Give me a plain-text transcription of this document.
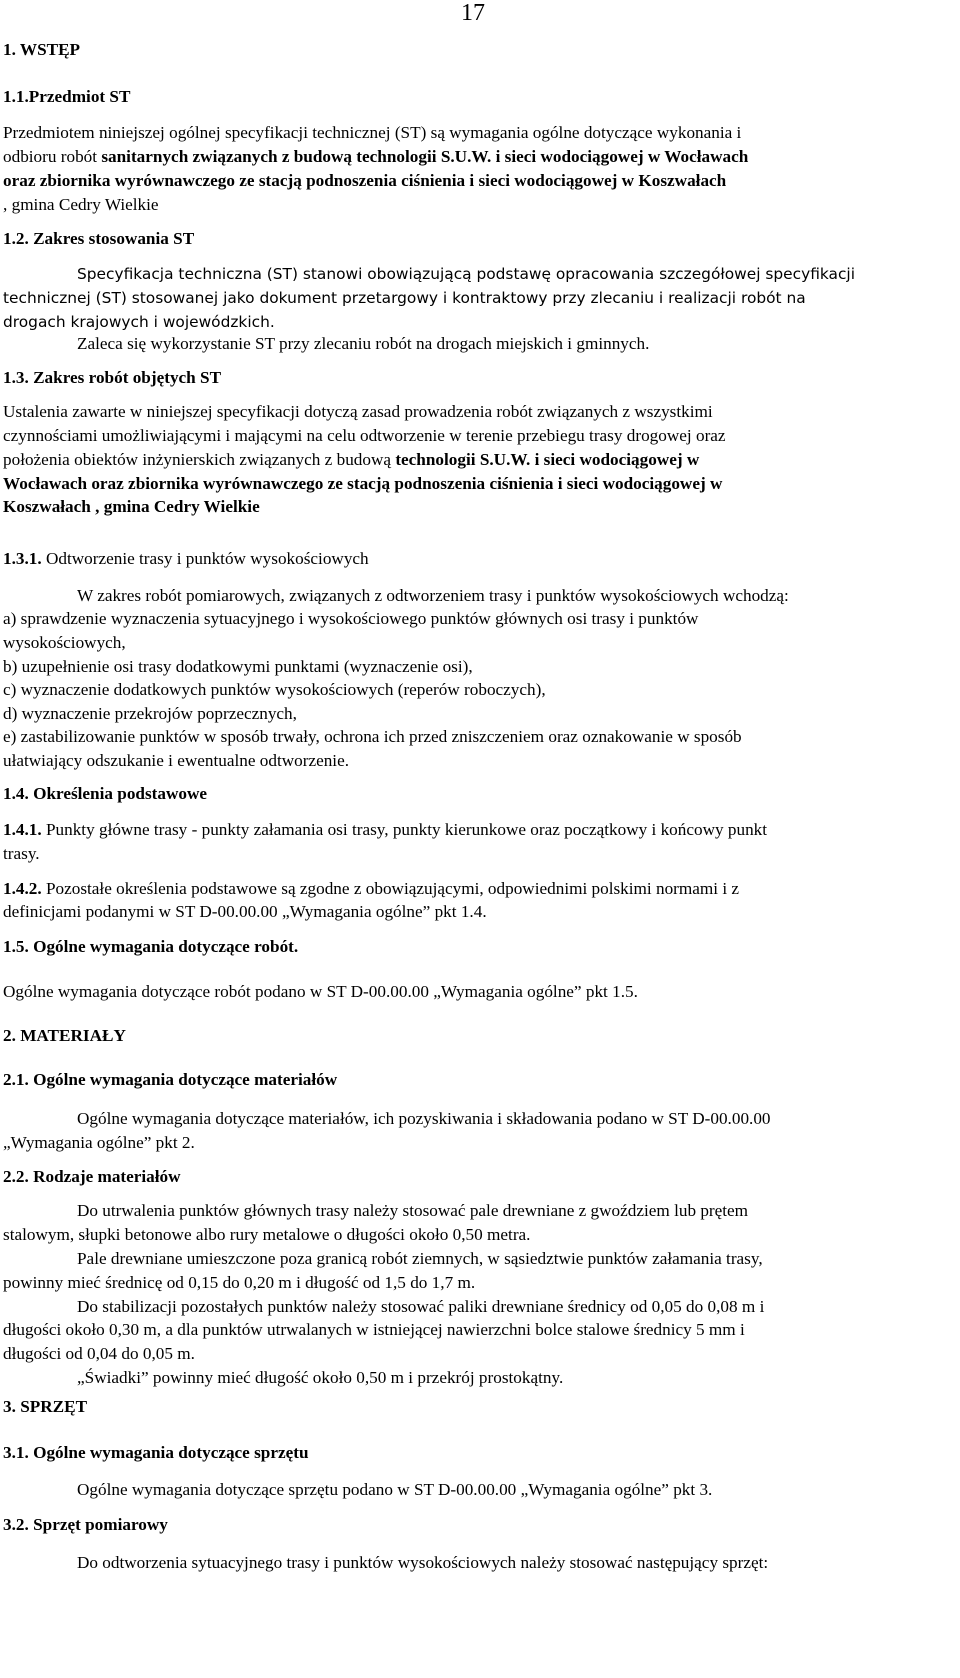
17
1. WSTĘP
1.1.Przedmiot ST
Przedmiotem niniejszej ogólnej specyfikacji technicznej (ST) są wymagania ogólne dotyczące wykonania i
odbioru robót sanitarnych związanych z budową technologii S.U.W. i sieci wodociągowej w Wocławach
oraz zbiornika wyrównawczego ze stacją podnoszenia ciśnienia i sieci wodociągowej w Koszwałach
, gmina Cedry Wielkie
1.2. Zakres stosowania ST
Specyfikacja techniczna (ST) stanowi obowiązującą podstawę opracowania szczegółowej specyfikacji
technicznej (ST) stosowanej jako dokument przetargowy i kontraktowy przy zlecaniu i realizacji robót na
drogach krajowych i wojewódzkich.
Zaleca się wykorzystanie ST przy zlecaniu robót na drogach miejskich i gminnych.
1.3. Zakres robót objętych ST
Ustalenia zawarte w niniejszej specyfikacji dotyczą zasad prowadzenia robót związanych z wszystkimi
czynnościami umożliwiającymi i mającymi na celu odtworzenie w terenie przebiegu trasy drogowej oraz
położenia obiektów inżynierskich związanych z budową technologii S.U.W. i sieci wodociągowej w
Wocławach oraz zbiornika wyrównawczego ze stacją podnoszenia ciśnienia i sieci wodociągowej w
Koszwałach , gmina Cedry Wielkie
1.3.1. Odtworzenie trasy i punktów wysokościowych
W zakres robót pomiarowych, związanych z odtworzeniem trasy i punktów wysokościowych wchodzą:
a) sprawdzenie wyznaczenia sytuacyjnego i wysokościowego punktów głównych osi trasy i punktów
wysokościowych,
b) uzupełnienie osi trasy dodatkowymi punktami (wyznaczenie osi),
c) wyznaczenie dodatkowych punktów wysokościowych (reperów roboczych),
d) wyznaczenie przekrojów poprzecznych,
e) zastabilizowanie punktów w sposób trwały, ochrona ich przed zniszczeniem oraz oznakowanie w sposób
ułatwiający odszukanie i ewentualne odtworzenie.
1.4. Określenia podstawowe
1.4.1. Punkty główne trasy - punkty załamania osi trasy, punkty kierunkowe oraz początkowy i końcowy punkt
trasy.
1.4.2. Pozostałe określenia podstawowe są zgodne z obowiązującymi, odpowiednimi polskimi normami i z
definicjami podanymi w ST D-00.00.00 „Wymagania ogólne” pkt 1.4.
1.5. Ogólne wymagania dotyczące robót.
Ogólne wymagania dotyczące robót podano w ST D-00.00.00 „Wymagania ogólne” pkt 1.5.
2. MATERIAŁY
2.1. Ogólne wymagania dotyczące materiałów
Ogólne wymagania dotyczące materiałów, ich pozyskiwania i składowania podano w ST D-00.00.00
„Wymagania ogólne” pkt 2.
2.2. Rodzaje materiałów
Do utrwalenia punktów głównych trasy należy stosować pale drewniane z gwoździem lub prętem
stalowym, słupki betonowe albo rury metalowe o długości około 0,50 metra.
Pale drewniane umieszczone poza granicą robót ziemnych, w sąsiedztwie punktów załamania trasy,
powinny mieć średnicę od 0,15 do 0,20 m i długość od 1,5 do 1,7 m.
Do stabilizacji pozostałych punktów należy stosować paliki drewniane średnicy od 0,05 do 0,08 m i
długości około 0,30 m, a dla punktów utrwalanych w istniejącej nawierzchni bolce stalowe średnicy 5 mm i
długości od 0,04 do 0,05 m.
„Świadki” powinny mieć długość około 0,50 m i przekrój prostokątny.
3. SPRZĘT
3.1. Ogólne wymagania dotyczące sprzętu
Ogólne wymagania dotyczące sprzętu podano w ST D-00.00.00 „Wymagania ogólne” pkt 3.
3.2. Sprzęt pomiarowy
Do odtworzenia sytuacyjnego trasy i punktów wysokościowych należy stosować następujący sprzęt:
